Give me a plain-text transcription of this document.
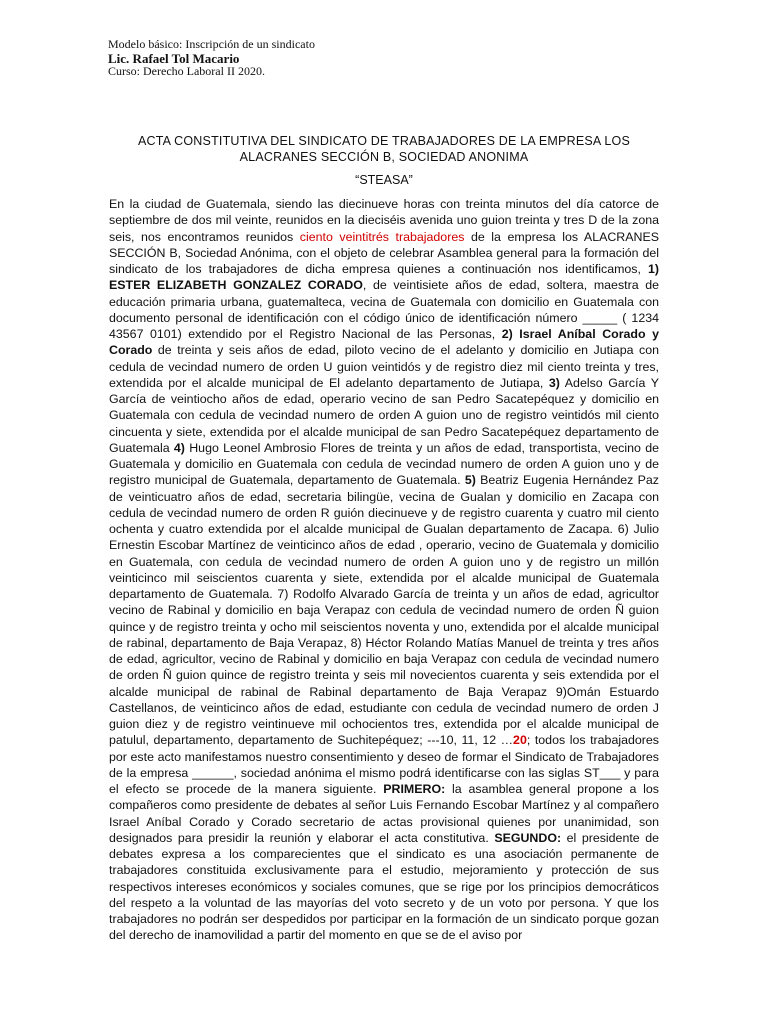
Modelo básico: Inscripción de un sindicato
Lic. Rafael Tol Macario
Curso: Derecho Laboral II 2020.
ACTA CONSTITUTIVA DEL SINDICATO DE TRABAJADORES DE LA EMPRESA LOS ALACRANES SECCIÓN B, SOCIEDAD ANONIMA
“STEASA”
En la ciudad de Guatemala, siendo las diecinueve horas con treinta minutos del día catorce de septiembre de dos mil veinte, reunidos en la dieciséis avenida uno guion treinta y tres D de la zona seis, nos encontramos reunidos ciento veintitrés trabajadores de la empresa los ALACRANES SECCIÓN B, Sociedad Anónima, con el objeto de celebrar Asamblea general para la formación del sindicato de los trabajadores de dicha empresa quienes a continuación nos identificamos, 1) ESTER ELIZABETH GONZALEZ CORADO, de veintisiete años de edad, soltera, maestra de educación primaria urbana, guatemalteca, vecina de Guatemala con domicilio en Guatemala con documento personal de identificación con el código único de identificación número _____ ( 1234 43567 0101) extendido por el Registro Nacional de las Personas, 2) Israel Aníbal Corado y Corado de treinta y seis años de edad, piloto vecino de el adelanto y domicilio en Jutiapa con cedula de vecindad numero de orden U guion veintidós y de registro diez mil ciento treinta y tres, extendida por el alcalde municipal de El adelanto departamento de Jutiapa, 3) Adelso García Y García de veintiocho años de edad, operario vecino de san Pedro Sacatepéquez y domicilio en Guatemala con cedula de vecindad numero de orden A guion uno de registro veintidós mil ciento cincuenta y siete, extendida por el alcalde municipal de san Pedro Sacatepéquez departamento de Guatemala 4) Hugo Leonel Ambrosio Flores de treinta y un años de edad, transportista, vecino de Guatemala y domicilio en Guatemala con cedula de vecindad numero de orden A guion uno y de registro municipal de Guatemala, departamento de Guatemala. 5) Beatriz Eugenia Hernández Paz de veinticuatro años de edad, secretaria bilingüe, vecina de Gualan y domicilio en Zacapa con cedula de vecindad numero de orden R guión diecinueve y de registro cuarenta y cuatro mil ciento ochenta y cuatro extendida por el alcalde municipal de Gualan departamento de Zacapa. 6) Julio Ernestin Escobar Martínez de veinticinco años de edad , operario, vecino de Guatemala y domicilio en Guatemala, con cedula de vecindad numero de orden A guion uno y de registro un millón veinticinco mil seiscientos cuarenta y siete, extendida por el alcalde municipal de Guatemala departamento de Guatemala. 7) Rodolfo Alvarado García de treinta y un años de edad, agricultor vecino de Rabinal y domicilio en baja Verapaz con cedula de vecindad numero de orden Ñ guion quince y de registro treinta y ocho mil seiscientos noventa y uno, extendida por el alcalde municipal de rabinal, departamento de Baja Verapaz, 8) Héctor Rolando Matías Manuel de treinta y tres años de edad, agricultor, vecino de Rabinal y domicilio en baja Verapaz con cedula de vecindad numero de orden Ñ guion quince de registro treinta y seis mil novecientos cuarenta y seis extendida por el alcalde municipal de rabinal de Rabinal departamento de Baja Verapaz 9)Omán Estuardo Castellanos, de veinticinco años de edad, estudiante con cedula de vecindad numero de orden J guion diez y de registro veintinueve mil ochocientos tres, extendida por el alcalde municipal de patulul, departamento, departamento de Suchitepéquez; ---10, 11, 12 …20; todos los trabajadores por este acto manifestamos nuestro consentimiento y deseo de formar el Sindicato de Trabajadores de la empresa ______, sociedad anónima el mismo podrá identificarse con las siglas ST___ y para el efecto se procede de la manera siguiente. PRIMERO: la asamblea general propone a los compañeros como presidente de debates al señor Luis Fernando Escobar Martínez y al compañero Israel Aníbal Corado y Corado secretario de actas provisional quienes por unanimidad, son designados para presidir la reunión y elaborar el acta constitutiva. SEGUNDO: el presidente de debates expresa a los comparecientes que el sindicato es una asociación permanente de trabajadores constituida exclusivamente para el estudio, mejoramiento y protección de sus respectivos intereses económicos y sociales comunes, que se rige por los principios democráticos del respeto a la voluntad de las mayorías del voto secreto y de un voto por persona. Y que los trabajadores no podrán ser despedidos por participar en la formación de un sindicato porque gozan del derecho de inamovilidad a partir del momento en que se de el aviso por
